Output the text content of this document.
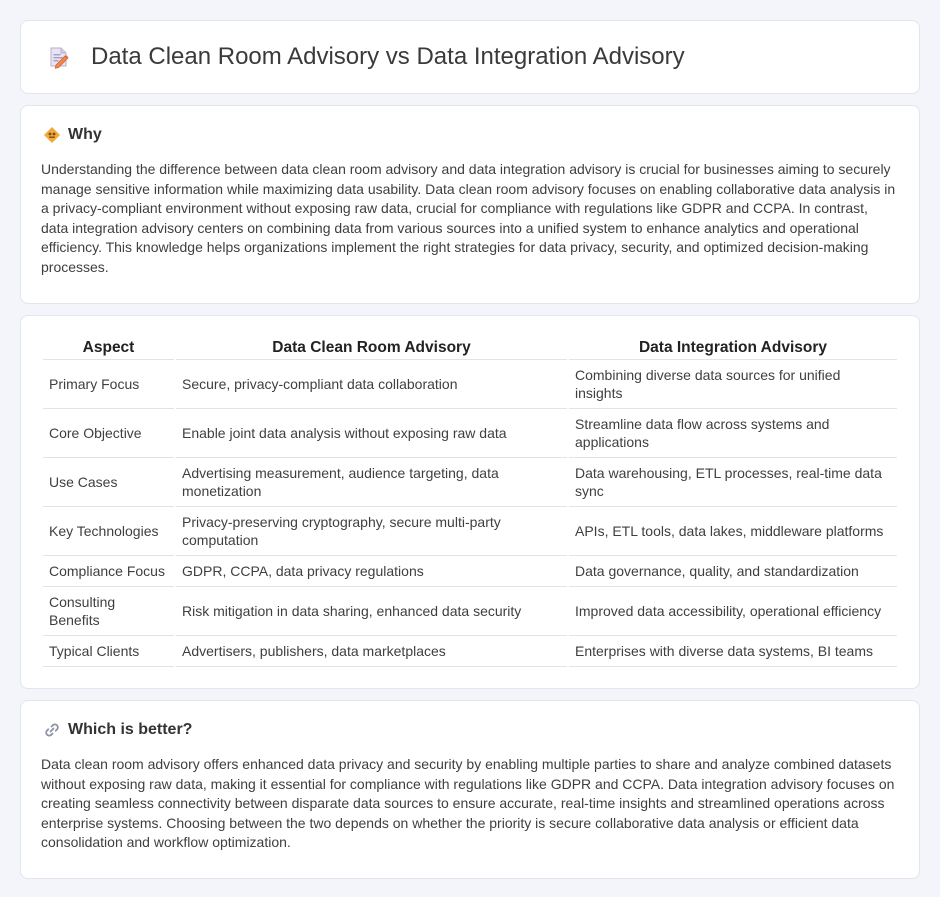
Data Clean Room Advisory vs Data Integration Advisory
Why

Understanding the difference between data clean room advisory and data integration advisory is crucial for businesses aiming to securely manage sensitive information while maximizing data usability. Data clean room advisory focuses on enabling collaborative data analysis in a privacy-compliant environment without exposing raw data, crucial for compliance with regulations like GDPR and CCPA. In contrast, data integration advisory centers on combining data from various sources into a unified system to enhance analytics and operational efficiency. This knowledge helps organizations implement the right strategies for data privacy, security, and optimized decision-making processes.

Aspect	Data Clean Room Advisory	Data Integration Advisory
Primary Focus	Secure, privacy-compliant data collaboration	Combining diverse data sources for unified insights
Core Objective	Enable joint data analysis without exposing raw data	Streamline data flow across systems and applications
Use Cases	Advertising measurement, audience targeting, data monetization	Data warehousing, ETL processes, real-time data sync
Key Technologies	Privacy-preserving cryptography, secure multi-party computation	APIs, ETL tools, data lakes, middleware platforms
Compliance Focus	GDPR, CCPA, data privacy regulations	Data governance, quality, and standardization
Consulting Benefits	Risk mitigation in data sharing, enhanced data security	Improved data accessibility, operational efficiency
Typical Clients	Advertisers, publishers, data marketplaces	Enterprises with diverse data systems, BI teams
Which is better?

Data clean room advisory offers enhanced data privacy and security by enabling multiple parties to share and analyze combined datasets without exposing raw data, making it essential for compliance with regulations like GDPR and CCPA. Data integration advisory focuses on creating seamless connectivity between disparate data sources to ensure accurate, real-time insights and streamlined operations across enterprise systems. Choosing between the two depends on whether the priority is secure collaborative data analysis or efficient data consolidation and workflow optimization.
